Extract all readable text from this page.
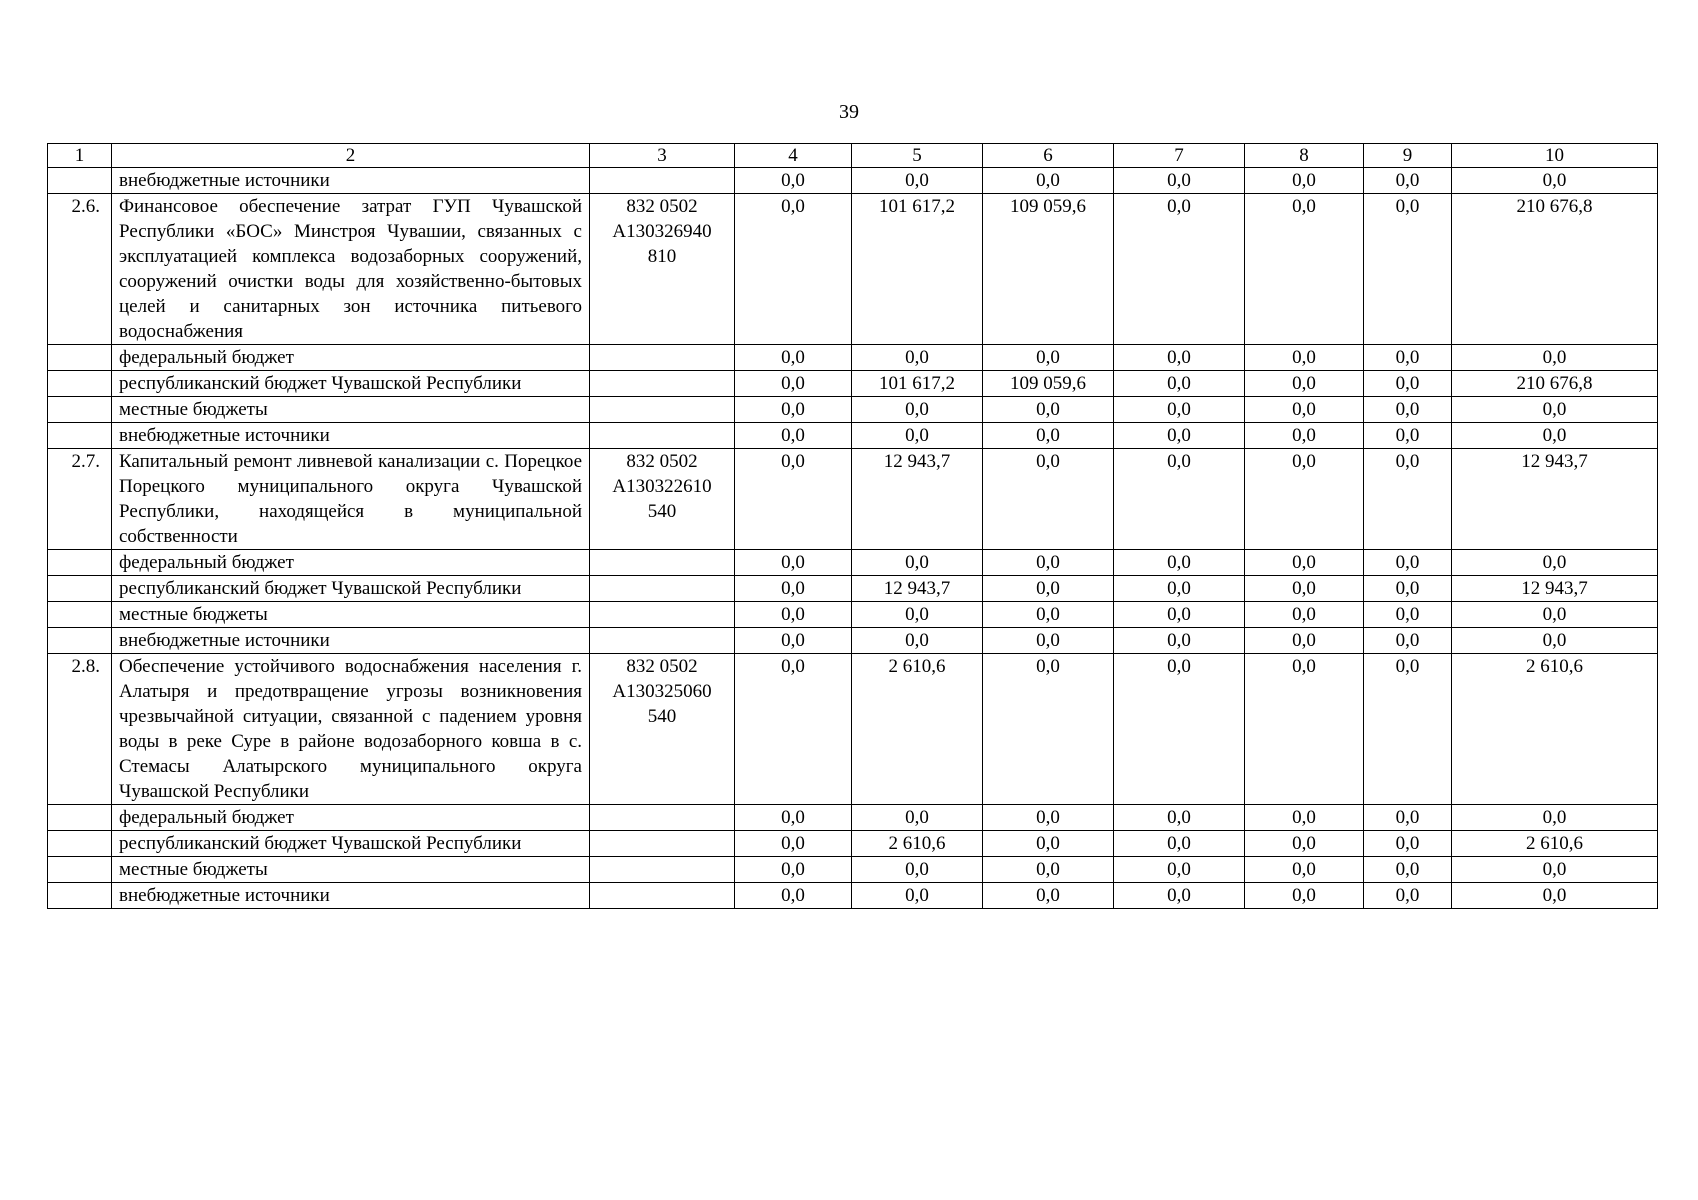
39
1	2	3	4	5	6	7	8	9	10
	внебюджетные источники		0,0	0,0	0,0	0,0	0,0	0,0	0,0
2.6.	Финансовое обеспечение затрат ГУП Чувашской Республики «БОС» Минстроя Чувашии, связанных с эксплуатацией комплекса водозаборных сооружений, сооружений очистки воды для хозяйственно-бытовых целей и санитарных зон источника питьевого водоснабжения	832 0502 А130326940 810	0,0	101 617,2	109 059,6	0,0	0,0	0,0	210 676,8
	федеральный бюджет		0,0	0,0	0,0	0,0	0,0	0,0	0,0
	республиканский бюджет Чувашской Республики		0,0	101 617,2	109 059,6	0,0	0,0	0,0	210 676,8
	местные бюджеты		0,0	0,0	0,0	0,0	0,0	0,0	0,0
	внебюджетные источники		0,0	0,0	0,0	0,0	0,0	0,0	0,0
2.7.	Капитальный ремонт ливневой канализации с. Порецкое Порецкого муниципального округа Чувашской Республики, находящейся в муниципальной собственности	832 0502 А130322610 540	0,0	12 943,7	0,0	0,0	0,0	0,0	12 943,7
	федеральный бюджет		0,0	0,0	0,0	0,0	0,0	0,0	0,0
	республиканский бюджет Чувашской Республики		0,0	12 943,7	0,0	0,0	0,0	0,0	12 943,7
	местные бюджеты		0,0	0,0	0,0	0,0	0,0	0,0	0,0
	внебюджетные источники		0,0	0,0	0,0	0,0	0,0	0,0	0,0
2.8.	Обеспечение устойчивого водоснабжения населения г. Алатыря и предотвращение угрозы возникновения чрезвычайной ситуации, связанной с падением уровня воды в реке Суре в районе водозаборного ковша в с. Стемасы Алатырского муниципального округа Чувашской Республики	832 0502 А130325060 540	0,0	2 610,6	0,0	0,0	0,0	0,0	2 610,6
	федеральный бюджет		0,0	0,0	0,0	0,0	0,0	0,0	0,0
	республиканский бюджет Чувашской Республики		0,0	2 610,6	0,0	0,0	0,0	0,0	2 610,6
	местные бюджеты		0,0	0,0	0,0	0,0	0,0	0,0	0,0
	внебюджетные источники		0,0	0,0	0,0	0,0	0,0	0,0	0,0
